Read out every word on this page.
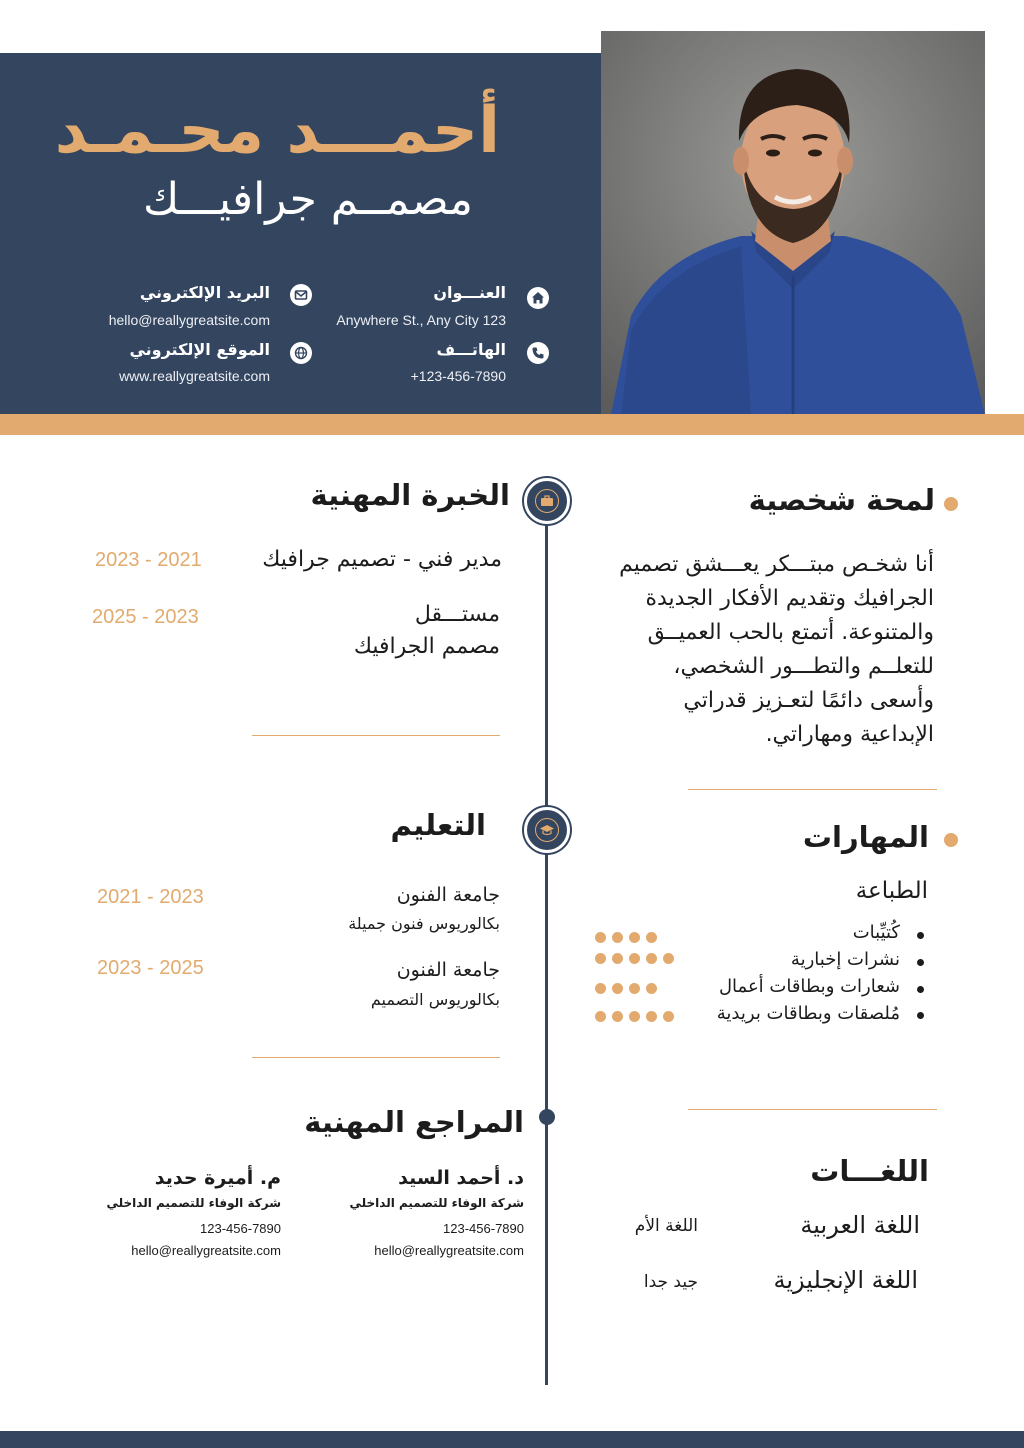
أحمـــد محـمـد
مصمــم جرافيـــك
العنـــوان
Anywhere St., Any City 123
الهاتـــف
+123-456-7890
البريد الإلكتروني
hello@reallygreatsite.com
الموقع الإلكتروني
www.reallygreatsite.com
الخبرة المهنية
مدير فني - تصميم جرافيك
2023 - 2021
مستـــقل
مصمم الجرافيك
2025 - 2023
التعليم
جامعة الفنون
بكالوريوس فنون جميلة
2021 - 2023
جامعة الفنون
بكالوريوس التصميم
2023 - 2025
المراجع المهنية
د. أحمد السيد
شركة الوفاء للتصميم الداخلي
123-456-7890
hello@reallygreatsite.com
م. أميرة حديد
شركة الوفاء للتصميم الداخلي
123-456-7890
hello@reallygreatsite.com
لمحة شخصية
أنا شخـص مبتـــكر يعـــشق تصميم الجرافيك وتقديم الأفكار الجديدة والمتنوعة. أتمتع بالحب العميــق للتعلــم والتطـــور الشخصي، وأسعى دائمًا لتعـزيز قدراتي الإبداعية ومهاراتي.
المهارات
الطباعة
كُتيِّبات
نشرات إخبارية
شعارات وبطاقات أعمال
مُلصقات وبطاقات بريدية
اللغـــات
اللغة العربية
اللغة الأم
اللغة الإنجليزية
جيد جدا
